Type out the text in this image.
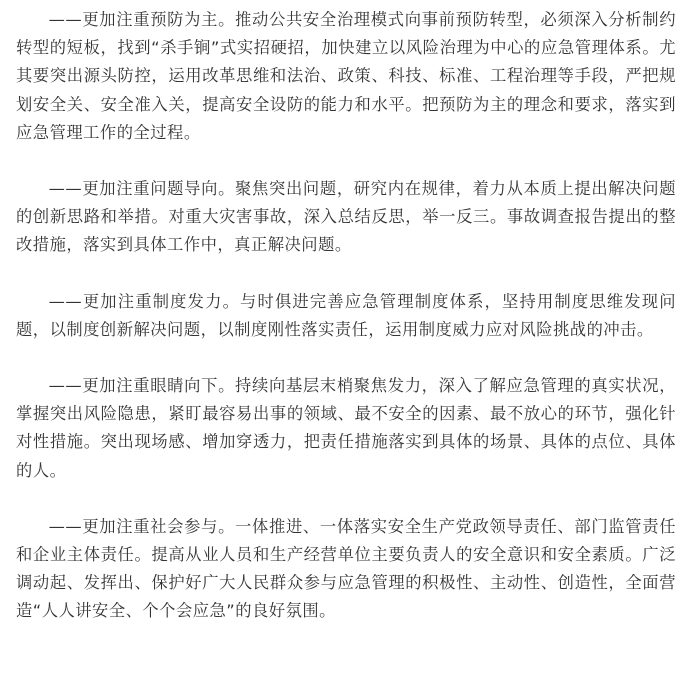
——更加注重预防为主。推动公共安全治理模式向事前预防转型，必须深入分析制约转型的短板，找到“杀手锏”式实招硬招，加快建立以风险治理为中心的应急管理体系。尤其要突出源头防控，运用改革思维和法治、政策、科技、标准、工程治理等手段，严把规划安全关、安全准入关，提高安全设防的能力和水平。把预防为主的理念和要求，落实到应急管理工作的全过程。

——更加注重问题导向。聚焦突出问题，研究内在规律，着力从本质上提出解决问题的创新思路和举措。对重大灾害事故，深入总结反思，举一反三。事故调查报告提出的整改措施，落实到具体工作中，真正解决问题。

——更加注重制度发力。与时俱进完善应急管理制度体系，坚持用制度思维发现问题，以制度创新解决问题，以制度刚性落实责任，运用制度威力应对风险挑战的冲击。

——更加注重眼睛向下。持续向基层末梢聚焦发力，深入了解应急管理的真实状况，掌握突出风险隐患，紧盯最容易出事的领域、最不安全的因素、最不放心的环节，强化针对性措施。突出现场感、增加穿透力，把责任措施落实到具体的场景、具体的点位、具体的人。

——更加注重社会参与。一体推进、一体落实安全生产党政领导责任、部门监管责任和企业主体责任。提高从业人员和生产经营单位主要负责人的安全意识和安全素质。广泛调动起、发挥出、保护好广大人民群众参与应急管理的积极性、主动性、创造性，全面营造“人人讲安全、个个会应急”的良好氛围。
